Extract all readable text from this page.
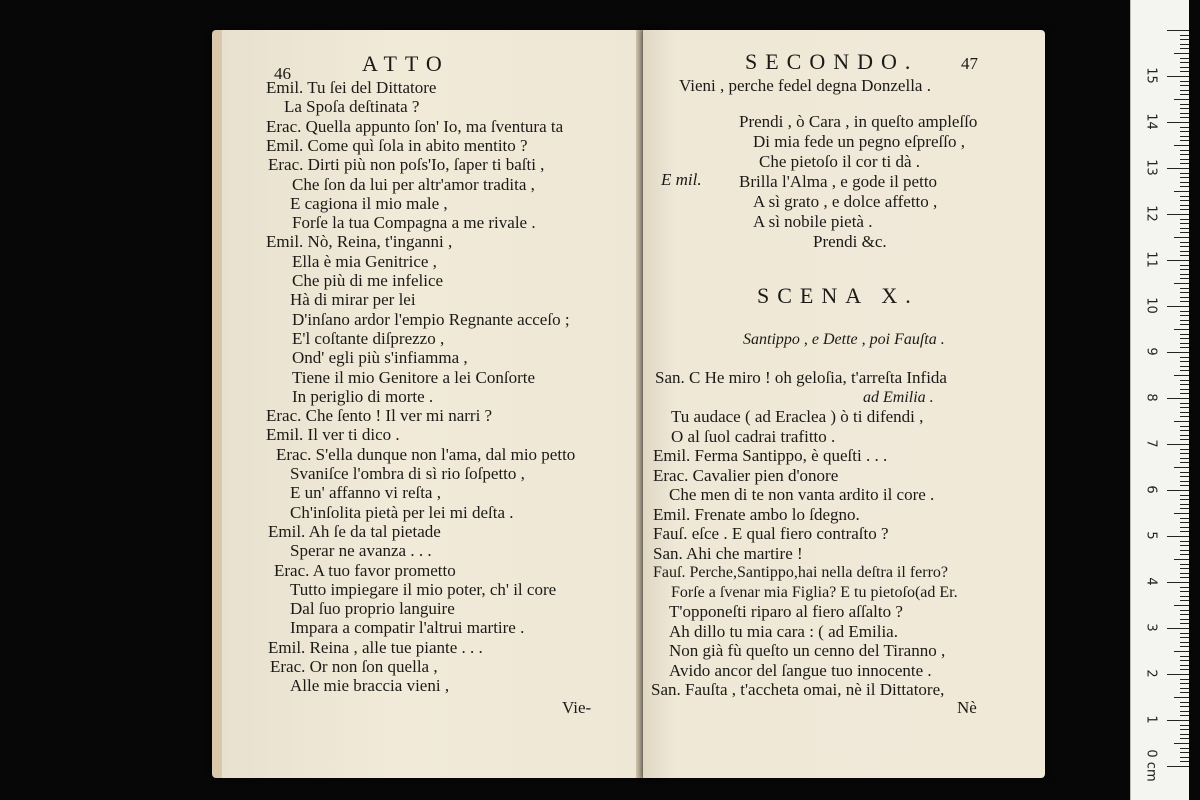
46	ATTO
Emil. Tu ſei del Dittatore
La Spoſa deſtinata ?
Erac. Quella appunto ſon' Io, ma ſventura ta
Emil. Come quì ſola in abito mentito ?
Erac. Dirti più non poſs'Io, ſaper ti baſti ,
Che ſon da lui per altr'amor tradita ,
E cagiona il mio male ,
Forſe la tua Compagna a me rivale .
Emil. Nò, Reina, t'inganni ,
Ella è mia Genitrice ,
Che più di me infelice
Hà di mirar per lei
D'inſano ardor l'empio Regnante acceſo ;
E'l coſtante diſprezzo ,
Ond' egli più s'infiamma ,
Tiene il mio Genitore a lei Conſorte
In periglio di morte .
Erac. Che ſento ! Il ver mi narri ?
Emil. Il ver ti dico .
Erac. S'ella dunque non l'ama, dal mio petto
Svaniſce l'ombra di sì rio ſoſpetto ,
E un' affanno vi reſta ,
Ch'inſolita pietà per lei mi deſta .
Emil. Ah ſe da tal pietade
Sperar ne avanza . . .
Erac. A tuo favor prometto
Tutto impiegare il mio poter, ch' il core
Dal ſuo proprio languire
Impara a compatir l'altrui martire .
Emil. Reina , alle tue piante . . .
Erac. Or non ſon quella ,
Alle mie braccia vieni ,
Vie-
SECONDO.	47
Vieni , perche fedel degna Donzella .
E mil.
Prendi , ò Cara , in queſto ampleſſo
Di mia fede un pegno eſpreſſo ,
Che pietoſo il cor ti dà .
Brilla l'Alma , e gode il petto
A sì grato , e dolce affetto ,
A sì nobile pietà .
Prendi &c.
SCENA X.
Santippo , e Dette , poi Fauſta .
San. C He miro ! oh geloſia, t'arreſta Infida
ad Emilia .
Tu audace ( ad Eraclea ) ò ti difendi ,
O al ſuol cadrai trafitto .
Emil. Ferma Santippo, è queſti . . .
Erac. Cavalier pien d'onore
Che men di te non vanta ardito il core .
Emil. Frenate ambo lo ſdegno.
Fauſ. eſce . E qual fiero contraſto ?
San. Ahi che martire !
Fauſ. Perche,Santippo,hai nella deſtra il ferro?
Forſe a ſvenar mia Figlia? E tu pietoſo(ad Er.
T'opponeſti riparo al fiero aſſalto ?
Ah dillo tu mia cara : ( ad Emilia.
Non già fù queſto un cenno del Tiranno ,
Avido ancor del ſangue tuo innocente .
San. Fauſta , t'accheta omai, nè il Dittatore,
Nè
15
14
13
12
11
10
9
8
7
6
5
4
3
2
1
0 cm
